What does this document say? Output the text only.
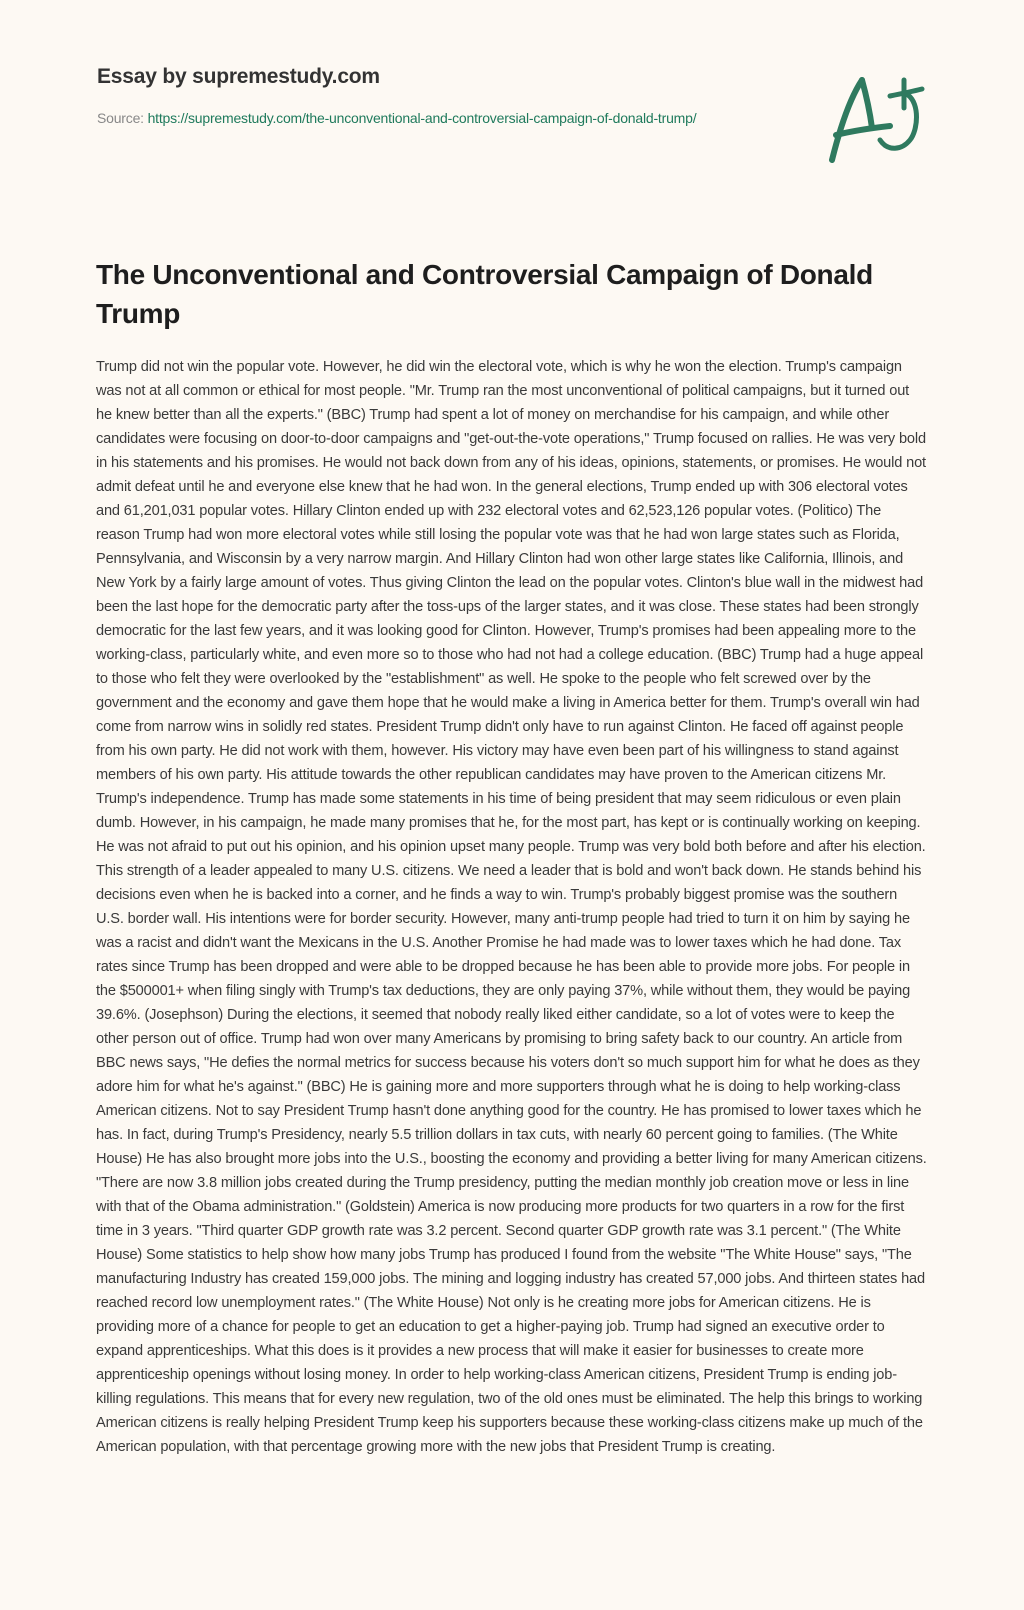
Essay by supremestudy.com
Source: https://supremestudy.com/the-unconventional-and-controversial-campaign-of-donald-trump/
The Unconventional and Controversial Campaign of Donald Trump

Trump did not win the popular vote. However, he did win the electoral vote, which is why he won the election. Trump's campaign was not at all common or ethical for most people. "Mr. Trump ran the most unconventional of political campaigns, but it turned out he knew better than all the experts." (BBC) Trump had spent a lot of money on merchandise for his campaign, and while other candidates were focusing on door-to-door campaigns and "get-out-the-vote operations," Trump focused on rallies. He was very bold in his statements and his promises. He would not back down from any of his ideas, opinions, statements, or promises. He would not admit defeat until he and everyone else knew that he had won. In the general elections, Trump ended up with 306 electoral votes and 61,201,031 popular votes. Hillary Clinton ended up with 232 electoral votes and 62,523,126 popular votes. (Politico) The reason Trump had won more electoral votes while still losing the popular vote was that he had won large states such as Florida, Pennsylvania, and Wisconsin by a very narrow margin. And Hillary Clinton had won other large states like California, Illinois, and New York by a fairly large amount of votes. Thus giving Clinton the lead on the popular votes. Clinton's blue wall in the midwest had been the last hope for the democratic party after the toss-ups of the larger states, and it was close. These states had been strongly democratic for the last few years, and it was looking good for Clinton. However, Trump's promises had been appealing more to the working-class, particularly white, and even more so to those who had not had a college education. (BBC) Trump had a huge appeal to those who felt they were overlooked by the "establishment" as well. He spoke to the people who felt screwed over by the government and the economy and gave them hope that he would make a living in America better for them. Trump's overall win had come from narrow wins in solidly red states. President Trump didn't only have to run against Clinton. He faced off against people from his own party. He did not work with them, however. His victory may have even been part of his willingness to stand against members of his own party. His attitude towards the other republican candidates may have proven to the American citizens Mr. Trump's independence. Trump has made some statements in his time of being president that may seem ridiculous or even plain dumb. However, in his campaign, he made many promises that he, for the most part, has kept or is continually working on keeping. He was not afraid to put out his opinion, and his opinion upset many people. Trump was very bold both before and after his election. This strength of a leader appealed to many U.S. citizens. We need a leader that is bold and won't back down. He stands behind his decisions even when he is backed into a corner, and he finds a way to win. Trump's probably biggest promise was the southern U.S. border wall. His intentions were for border security. However, many anti-trump people had tried to turn it on him by saying he was a racist and didn't want the Mexicans in the U.S. Another Promise he had made was to lower taxes which he had done. Tax rates since Trump has been dropped and were able to be dropped because he has been able to provide more jobs. For people in the $500001+ when filing singly with Trump's tax deductions, they are only paying 37%, while without them, they would be paying 39.6%. (Josephson) During the elections, it seemed that nobody really liked either candidate, so a lot of votes were to keep the other person out of office. Trump had won over many Americans by promising to bring safety back to our country. An article from BBC news says, "He defies the normal metrics for success because his voters don't so much support him for what he does as they adore him for what he's against." (BBC) He is gaining more and more supporters through what he is doing to help working-class American citizens. Not to say President Trump hasn't done anything good for the country. He has promised to lower taxes which he has. In fact, during Trump's Presidency, nearly 5.5 trillion dollars in tax cuts, with nearly 60 percent going to families. (The White House) He has also brought more jobs into the U.S., boosting the economy and providing a better living for many American citizens. "There are now 3.8 million jobs created during the Trump presidency, putting the median monthly job creation move or less in line with that of the Obama administration." (Goldstein) America is now producing more products for two quarters in a row for the first time in 3 years. "Third quarter GDP growth rate was 3.2 percent. Second quarter GDP growth rate was 3.1 percent." (The White House) Some statistics to help show how many jobs Trump has produced I found from the website "The White House" says, "The manufacturing Industry has created 159,000 jobs. The mining and logging industry has created 57,000 jobs. And thirteen states had reached record low unemployment rates." (The White House) Not only is he creating more jobs for American citizens. He is providing more of a chance for people to get an education to get a higher-paying job. Trump had signed an executive order to expand apprenticeships. What this does is it provides a new process that will make it easier for businesses to create more apprenticeship openings without losing money. In order to help working-class American citizens, President Trump is ending job-killing regulations. This means that for every new regulation, two of the old ones must be eliminated. The help this brings to working American citizens is really helping President Trump keep his supporters because these working-class citizens make up much of the American population, with that percentage growing more with the new jobs that President Trump is creating.
